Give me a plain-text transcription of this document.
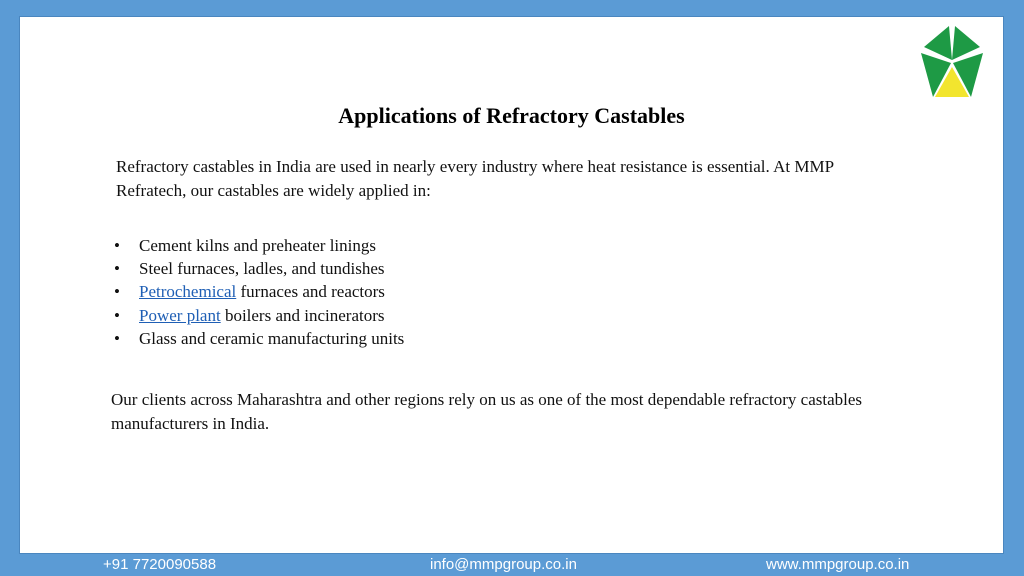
Applications of Refractory Castables
Refractory castables in India are used in nearly every industry where heat resistance is essential. At MMP Refratech, our castables are widely applied in:
• Cement kilns and preheater linings
• Steel furnaces, ladles, and tundishes
• Petrochemical furnaces and reactors
• Power plant boilers and incinerators
• Glass and ceramic manufacturing units
Our clients across Maharashtra and other regions rely on us as one of the most dependable refractory castables manufacturers in India.
+91 7720090588	info@mmpgroup.co.in	www.mmpgroup.co.in
